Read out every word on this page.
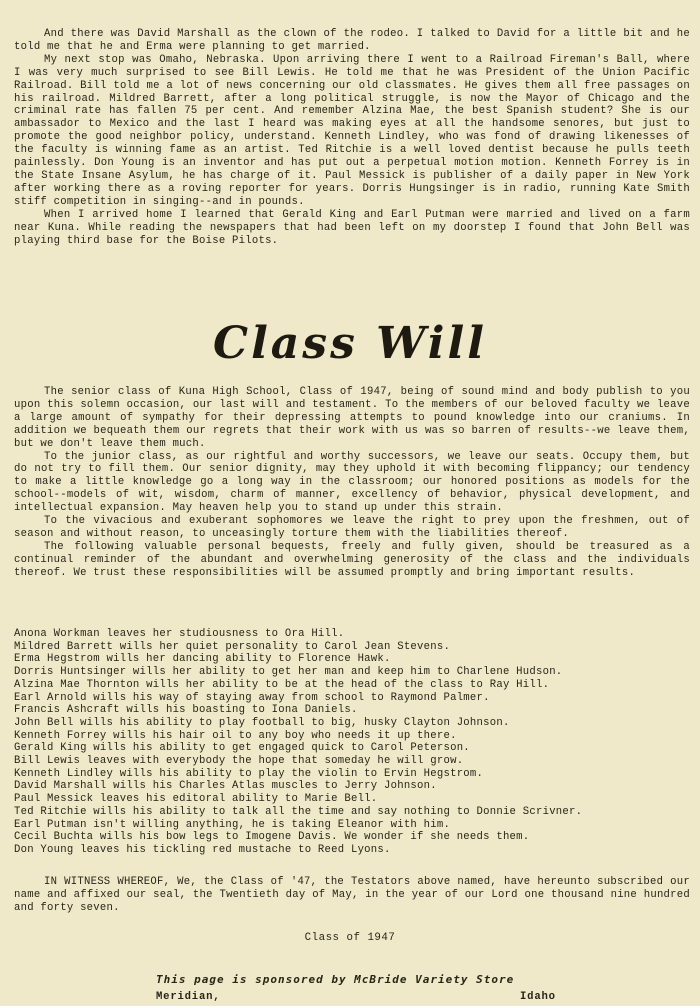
And there was David Marshall as the clown of the rodeo. I talked to David for a little bit and he told me that he and Erma were planning to get married.
My next stop was Omaho, Nebraska. Upon arriving there I went to a Railroad Fireman's Ball, where I was very much surprised to see Bill Lewis. He told me that he was President of the Union Pacific Railroad. Bill told me a lot of news concerning our old classmates. He gives them all free passages on his railroad. Mildred Barrett, after a long political struggle, is now the Mayor of Chicago and the criminal rate has fallen 75 per cent. And remember Alzina Mae, the best Spanish student? She is our ambassador to Mexico and the last I heard was making eyes at all the handsome senores, but just to promote the good neighbor policy, understand. Kenneth Lindley, who was fond of drawing likenesses of the faculty is winning fame as an artist. Ted Ritchie is a well loved dentist because he pulls teeth painlessly. Don Young is an inventor and has put out a perpetual motion motion. Kenneth Forrey is in the State Insane Asylum, he has charge of it. Paul Messick is publisher of a daily paper in New York after working there as a roving reporter for years. Dorris Hungsinger is in radio, running Kate Smith stiff competition in singing--and in pounds.
When I arrived home I learned that Gerald King and Earl Putman were married and lived on a farm near Kuna. While reading the newspapers that had been left on my doorstep I found that John Bell was playing third base for the Boise Pilots.
Class Will
The senior class of Kuna High School, Class of 1947, being of sound mind and body publish to you upon this solemn occasion, our last will and testament. To the members of our beloved faculty we leave a large amount of sympathy for their depressing attempts to pound knowledge into our craniums. In addition we bequeath them our regrets that their work with us was so barren of results--we leave them, but we don't leave them much.
To the junior class, as our rightful and worthy successors, we leave our seats. Occupy them, but do not try to fill them. Our senior dignity, may they uphold it with becoming flippancy; our tendency to make a little knowledge go a long way in the classroom; our honored positions as models for the school--models of wit, wisdom, charm of manner, excellency of behavior, physical development, and intellectual expansion. May heaven help you to stand up under this strain.
To the vivacious and exuberant sophomores we leave the right to prey upon the freshmen, out of season and without reason, to unceasingly torture them with the liabilities thereof.
The following valuable personal bequests, freely and fully given, should be treasured as a continual reminder of the abundant and overwhelming generosity of the class and the individuals thereof. We trust these responsibilities will be assumed promptly and bring important results.
Anona Workman leaves her studiousness to Ora Hill.
Mildred Barrett wills her quiet personality to Carol Jean Stevens.
Erma Hegstrom wills her dancing ability to Florence Hawk.
Dorris Huntsinger wills her ability to get her man and keep him to Charlene Hudson.
Alzina Mae Thornton wills her ability to be at the head of the class to Ray Hill.
Earl Arnold wills his way of staying away from school to Raymond Palmer.
Francis Ashcraft wills his boasting to Iona Daniels.
John Bell wills his ability to play football to big, husky Clayton Johnson.
Kenneth Forrey wills his hair oil to any boy who needs it up there.
Gerald King wills his ability to get engaged quick to Carol Peterson.
Bill Lewis leaves with everybody the hope that someday he will grow.
Kenneth Lindley wills his ability to play the violin to Ervin Hegstrom.
David Marshall wills his Charles Atlas muscles to Jerry Johnson.
Paul Messick leaves his editoral ability to Marie Bell.
Ted Ritchie wills his ability to talk all the time and say nothing to Donnie Scrivner.
Earl Putman isn't willing anything, he is taking Eleanor with him.
Cecil Buchta wills his bow legs to Imogene Davis. We wonder if she needs them.
Don Young leaves his tickling red mustache to Reed Lyons.
IN WITNESS WHEREOF, We, the Class of '47, the Testators above named, have hereunto subscribed our name and affixed our seal, the Twentieth day of May, in the year of our Lord one thousand nine hundred and forty seven.
Class of 1947
This page is sponsored by McBride Variety Store
Meridian,	Idaho
